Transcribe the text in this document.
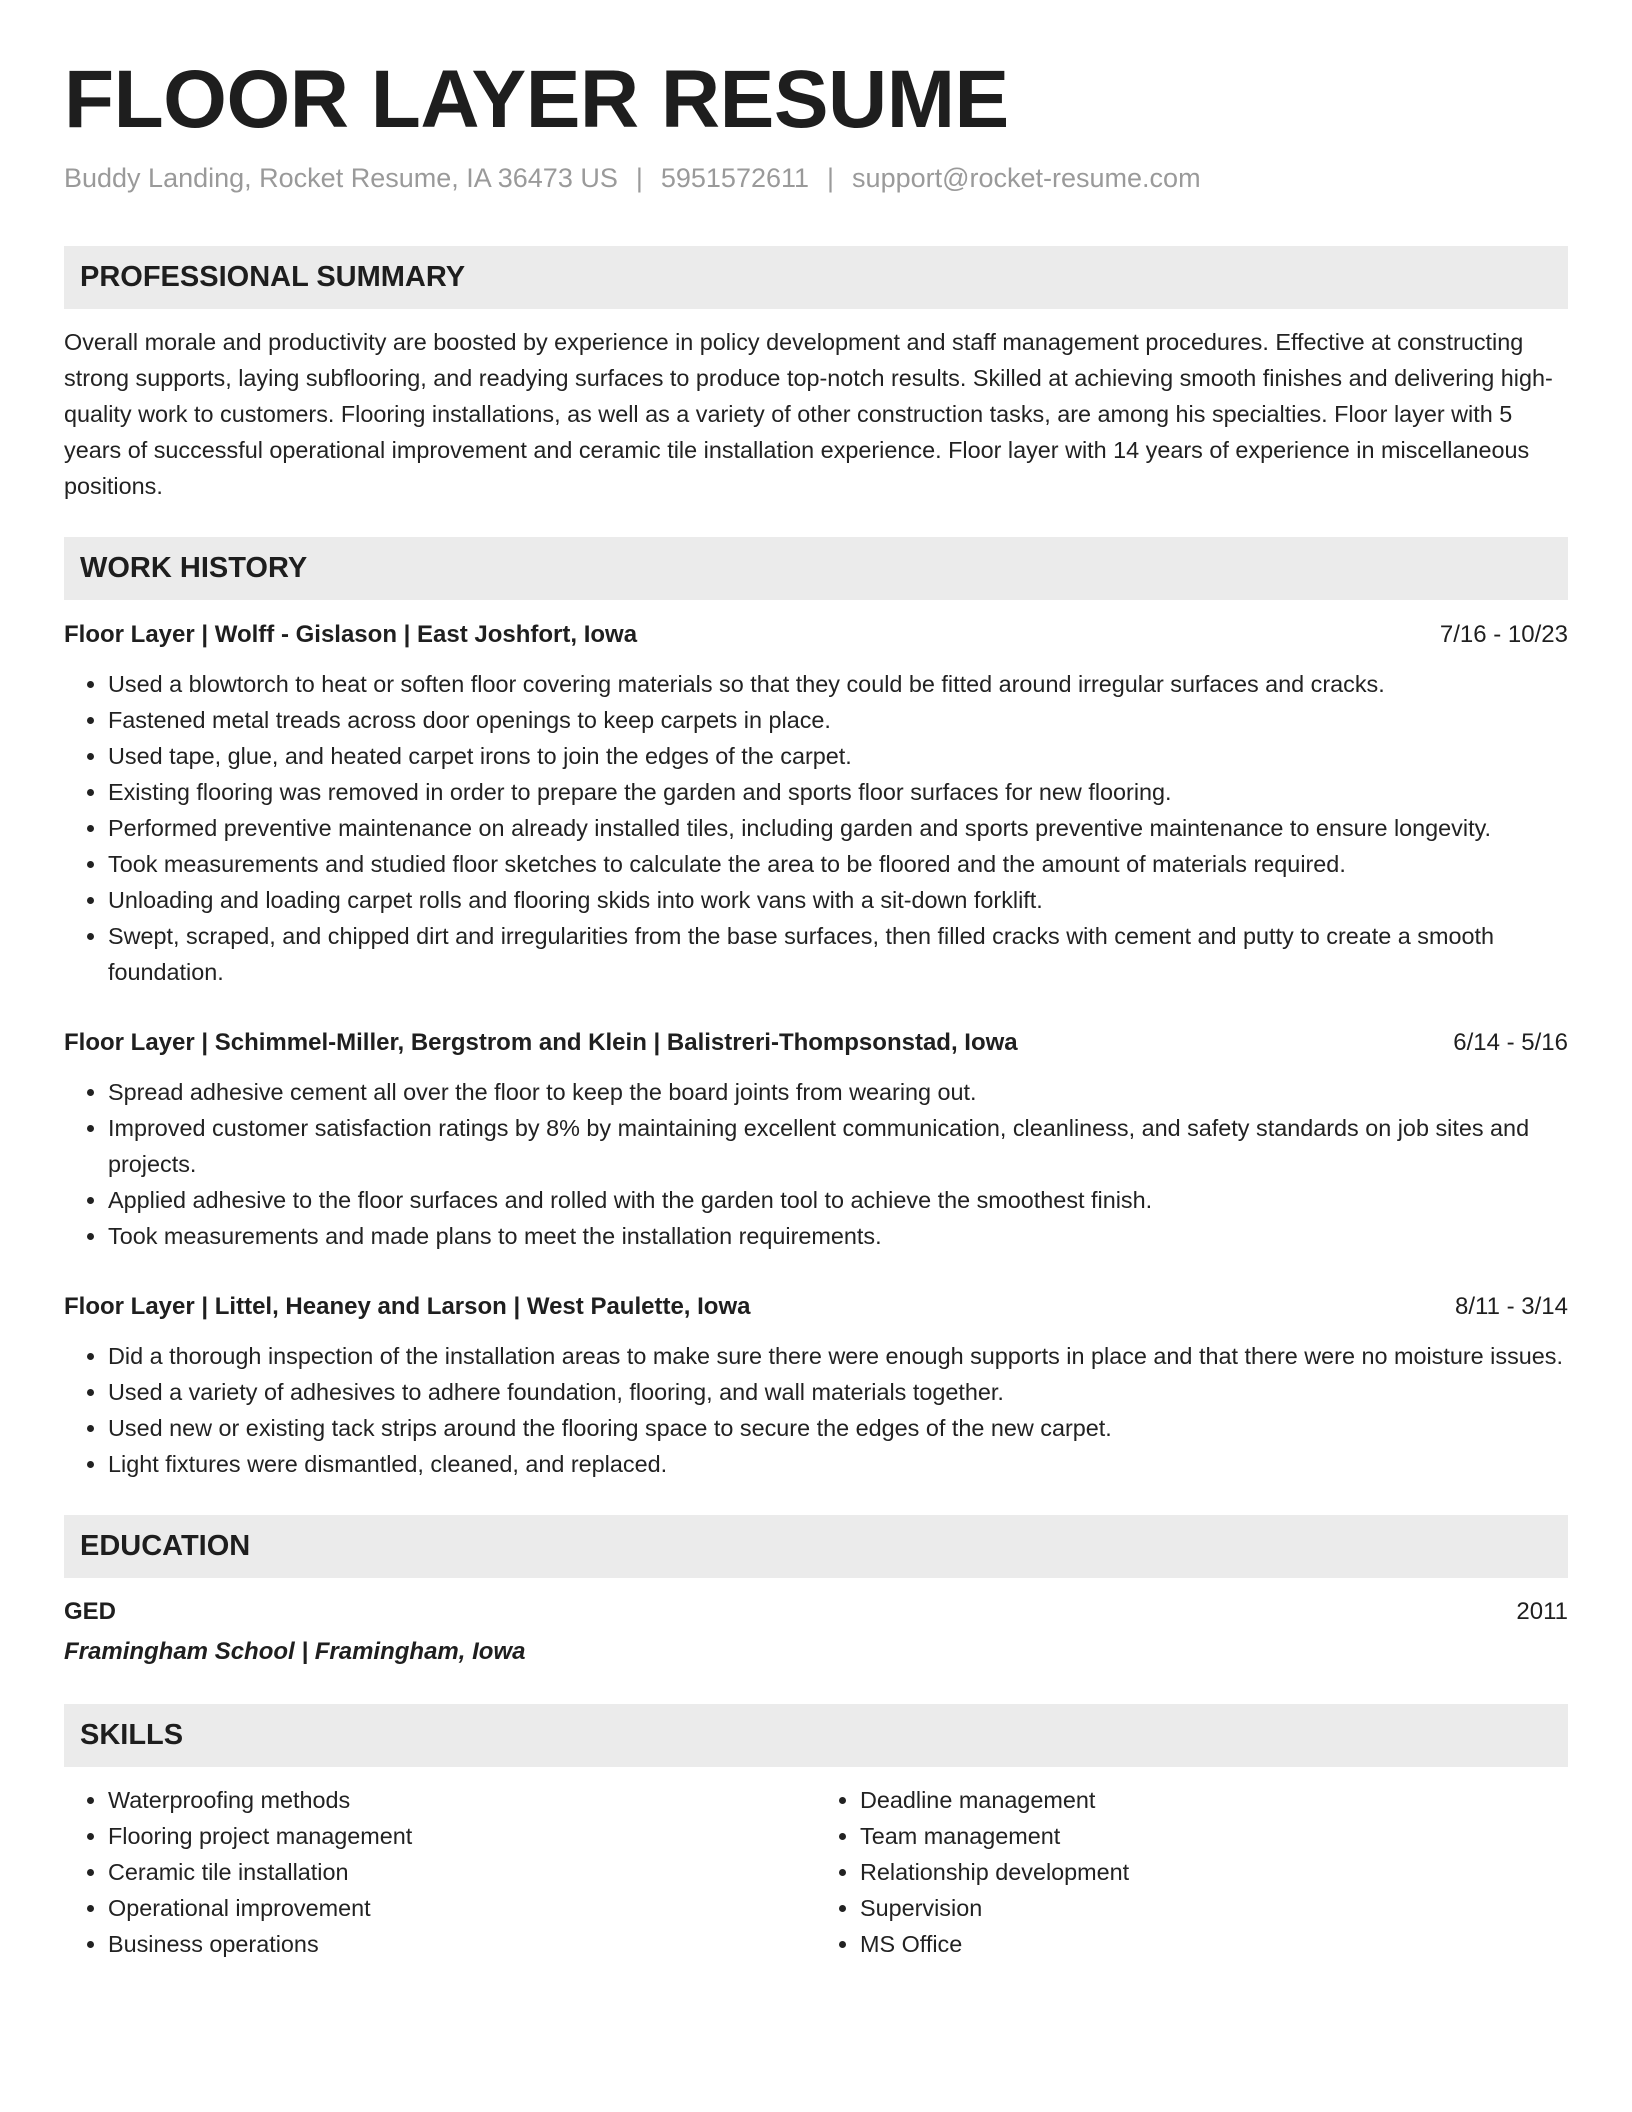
FLOOR LAYER RESUME
Buddy Landing, Rocket Resume, IA 36473 US | 5951572611 | support@rocket-resume.com
PROFESSIONAL SUMMARY
Overall morale and productivity are boosted by experience in policy development and staff management procedures. Effective at constructing strong supports, laying subflooring, and readying surfaces to produce top-notch results. Skilled at achieving smooth finishes and delivering high-quality work to customers. Flooring installations, as well as a variety of other construction tasks, are among his specialties. Floor layer with 5 years of successful operational improvement and ceramic tile installation experience. Floor layer with 14 years of experience in miscellaneous positions.
WORK HISTORY
Floor Layer | Wolff - Gislason | East Joshfort, Iowa	7/16 - 10/23
• Used a blowtorch to heat or soften floor covering materials so that they could be fitted around irregular surfaces and cracks.
• Fastened metal treads across door openings to keep carpets in place.
• Used tape, glue, and heated carpet irons to join the edges of the carpet.
• Existing flooring was removed in order to prepare the garden and sports floor surfaces for new flooring.
• Performed preventive maintenance on already installed tiles, including garden and sports preventive maintenance to ensure longevity.
• Took measurements and studied floor sketches to calculate the area to be floored and the amount of materials required.
• Unloading and loading carpet rolls and flooring skids into work vans with a sit-down forklift.
• Swept, scraped, and chipped dirt and irregularities from the base surfaces, then filled cracks with cement and putty to create a smooth foundation.
Floor Layer | Schimmel-Miller, Bergstrom and Klein | Balistreri-Thompsonstad, Iowa	6/14 - 5/16
• Spread adhesive cement all over the floor to keep the board joints from wearing out.
• Improved customer satisfaction ratings by 8% by maintaining excellent communication, cleanliness, and safety standards on job sites and projects.
• Applied adhesive to the floor surfaces and rolled with the garden tool to achieve the smoothest finish.
• Took measurements and made plans to meet the installation requirements.
Floor Layer | Littel, Heaney and Larson | West Paulette, Iowa	8/11 - 3/14
• Did a thorough inspection of the installation areas to make sure there were enough supports in place and that there were no moisture issues.
• Used a variety of adhesives to adhere foundation, flooring, and wall materials together.
• Used new or existing tack strips around the flooring space to secure the edges of the new carpet.
• Light fixtures were dismantled, cleaned, and replaced.
EDUCATION
GED	2011
Framingham School | Framingham, Iowa
SKILLS
• Waterproofing methods
• Flooring project management
• Ceramic tile installation
• Operational improvement
• Business operations
• Deadline management
• Team management
• Relationship development
• Supervision
• MS Office
